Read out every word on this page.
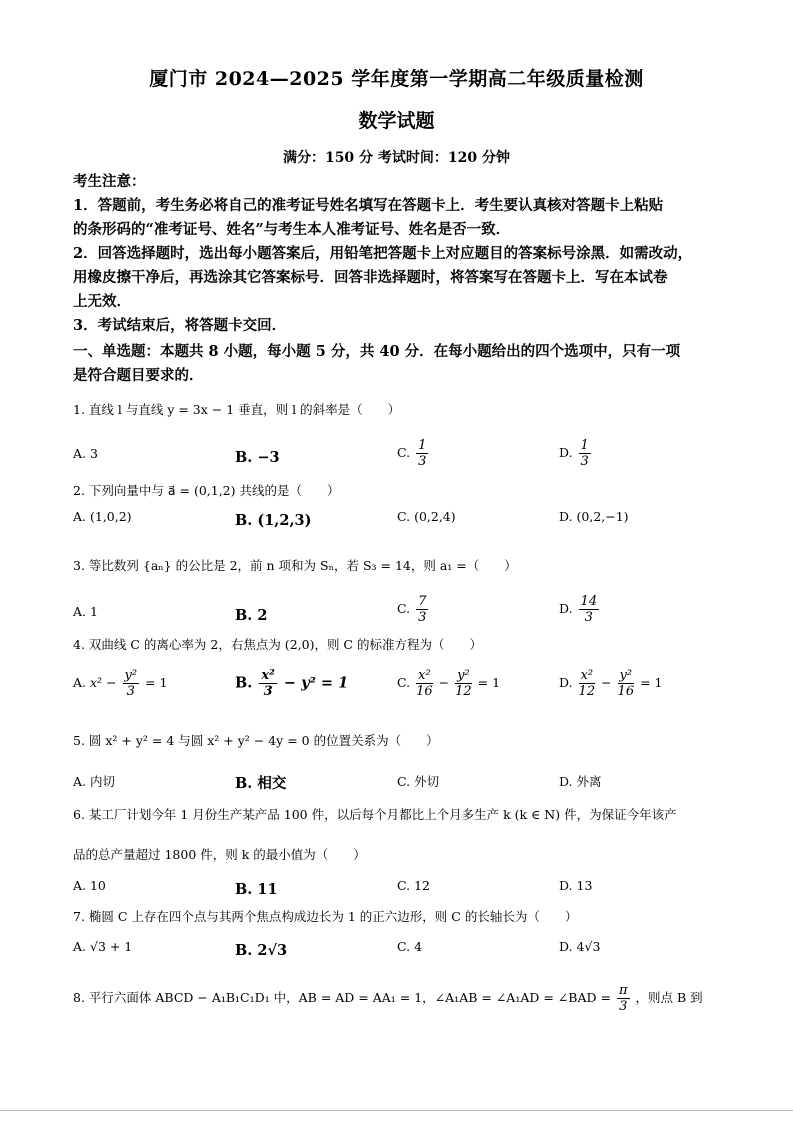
厦门市 2024—2025 学年度第一学期高二年级质量检测
数学试题
满分：150 分 考试时间：120 分钟
考生注意：
1．答题前，考生务必将自己的准考证号姓名填写在答题卡上．考生要认真核对答题卡上粘贴
的条形码的“准考证号、姓名”与考生本人准考证号、姓名是否一致．
2．回答选择题时，选出每小题答案后，用铅笔把答题卡上对应题目的答案标号涂黑．如需改动，
用橡皮擦干净后，再选涂其它答案标号．回答非选择题时，将答案写在答题卡上．写在本试卷
上无效．
3．考试结束后，将答题卡交回．
一、单选题：本题共 8 小题，每小题 5 分，共 40 分．在每小题给出的四个选项中，只有一项
是符合题目要求的．
1. 直线 l 与直线 y = 3x − 1 垂直，则 l 的斜率是（　　）
A. 3	B. −3	C. $\frac{1}{3}$	D. $\frac{1}{3}$
2. 下列向量中与 a⃗ = (0,1,2) 共线的是（　　）
A. (1,0,2)	B. (1,2,3)	C. (0,2,4)	D. (0,2,−1)
3. 等比数列 {aₙ} 的公比是 2，前 n 项和为 Sₙ，若 S₃ = 14，则 a₁ =（　　）
A. 1	B. 2	C. $\frac{7}{3}$	D. $\frac{14}{3}$
4. 双曲线 C 的离心率为 2，右焦点为 (2,0)，则 C 的标准方程为（　　）
A. $x^2 - \frac{\text{y²}}{3} = 1$	B. $\frac{\text{x²}}{3} - y^2 = 1$	C. $\frac{\text{x²}}{16} - \frac{\text{y²}}{12} = 1$	D. $\frac{\text{x²}}{12} - \frac{\text{y²}}{16} = 1$
5. 圆 x² + y² = 4 与圆 x² + y² − 4y = 0 的位置关系为（　　）
A. 内切	B. 相交	C. 外切	D. 外离
6. 某工厂计划今年 1 月份生产某产品 100 件，以后每个月都比上个月多生产 k (k ∈ N) 件，为保证今年该产
品的总产量超过 1800 件，则 k 的最小值为（　　）
A. 10	B. 11	C. 12	D. 13
7. 椭圆 C 上存在四个点与其两个焦点构成边长为 1 的正六边形，则 C 的长轴长为（　　）
A. √3 + 1	B. 2√3	C. 4	D. 4√3
8. 平行六面体 ABCD − A₁B₁C₁D₁ 中，AB = AD = AA₁ = 1，∠A₁AB = ∠A₁AD = ∠BAD = $\frac{\pi}{3}$ ，则点 B 到
